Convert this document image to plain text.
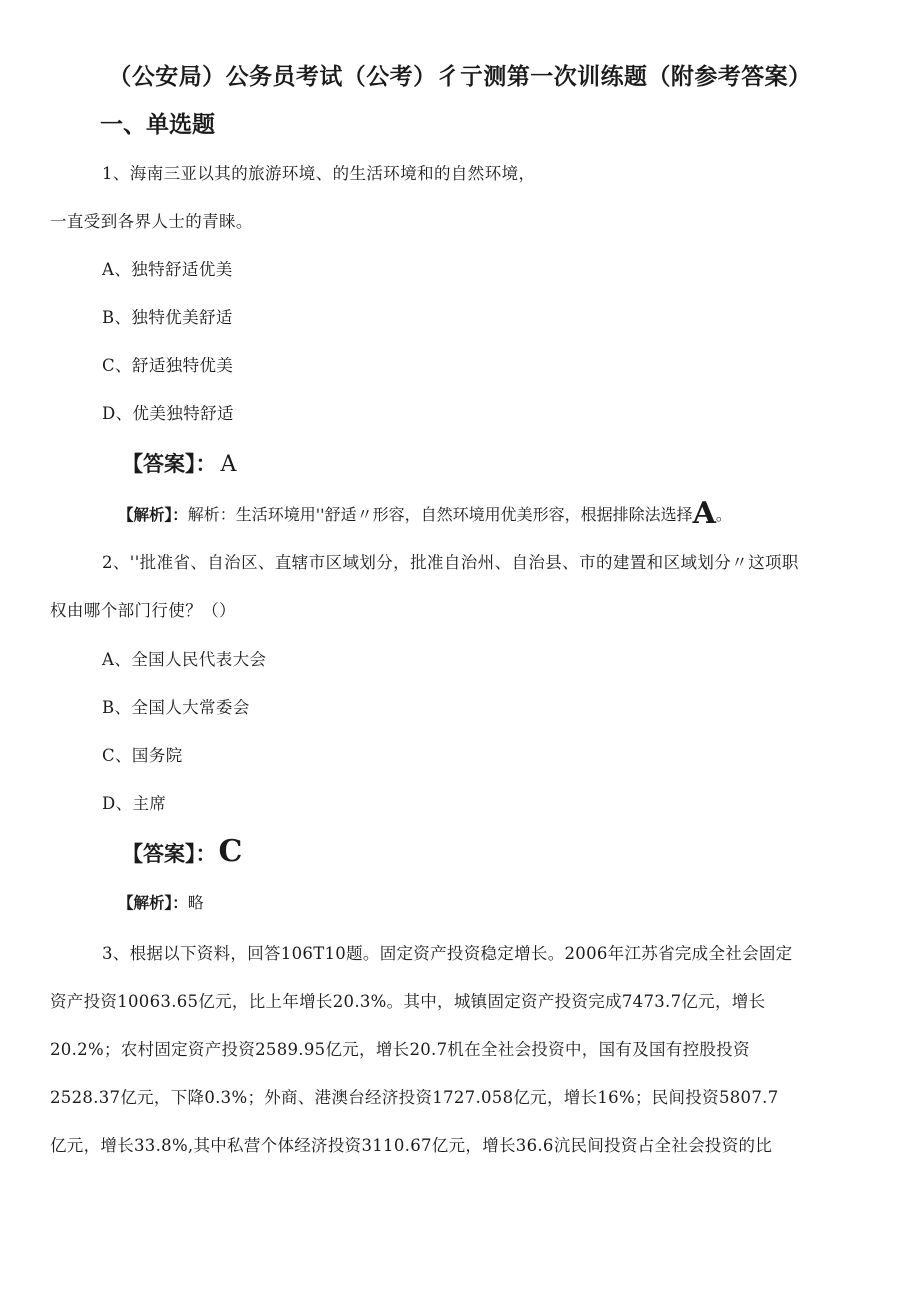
（公安局）公务员考试（公考）彳亍测第一次训练题（附参考答案）
一、单选题
1、海南三亚以其的旅游环境、的生活环境和的自然环境，
一直受到各界人士的青睐。
A、独特舒适优美
B、独特优美舒适
C、舒适独特优美
D、优美独特舒适
【答案】： A
【解析】：解析：生活环境用''舒适〃形容，自然环境用优美形容，根据排除法选择A。
2、''批准省、自治区、直辖市区域划分，批准自治州、自治县、市的建置和区域划分〃这项职
权由哪个部门行使？（）
A、全国人民代表大会
B、全国人大常委会
C、国务院
D、主席
【答案】：C
【解析】：略
3、根据以下资料，回答106T10题。固定资产投资稳定增长。2006年江苏省完成全社会固定
资产投资10063.65亿元，比上年增长20.3%。其中，城镇固定资产投资完成7473.7亿元，增长
20.2%；农村固定资产投资2589.95亿元，增长20.7机在全社会投资中，国有及国有控股投资
2528.37亿元，下降0.3%；外商、港澳台经济投资1727.058亿元，增长16%；民间投资5807.7
亿元，增长33.8%,其中私营个体经济投资3110.67亿元，增长36.6沆民间投资占全社会投资的比
